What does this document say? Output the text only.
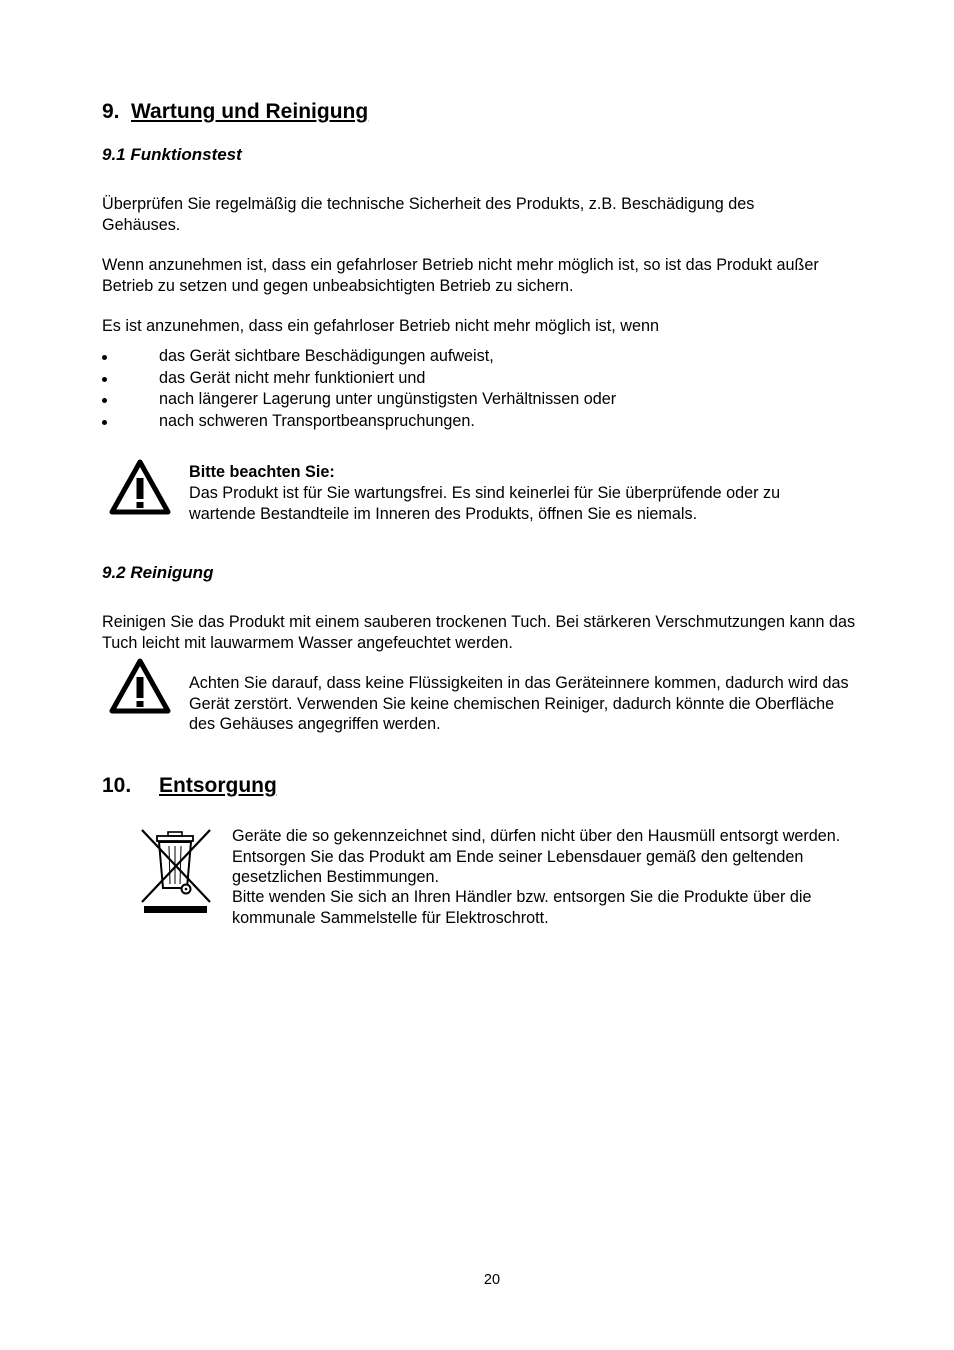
9. Wartung und Reinigung
9.1 Funktionstest
Überprüfen Sie regelmäßig die technische Sicherheit des Produkts, z.B. Beschädigung des Gehäuses.
Wenn anzunehmen ist, dass ein gefahrloser Betrieb nicht mehr möglich ist, so ist das Produkt außer Betrieb zu setzen und gegen unbeabsichtigten Betrieb zu sichern.
Es ist anzunehmen, dass ein gefahrloser Betrieb nicht mehr möglich ist, wenn
das Gerät sichtbare Beschädigungen aufweist,
das Gerät nicht mehr funktioniert und
nach längerer Lagerung unter ungünstigsten Verhältnissen oder
nach schweren Transportbeanspruchungen.
Bitte beachten Sie:
Das Produkt ist für Sie wartungsfrei. Es sind keinerlei für Sie überprüfende oder zu wartende Bestandteile im Inneren des Produkts, öffnen Sie es niemals.
9.2 Reinigung
Reinigen Sie das Produkt mit einem sauberen trockenen Tuch. Bei stärkeren Verschmutzungen kann das Tuch leicht mit lauwarmem Wasser angefeuchtet werden.
Achten Sie darauf, dass keine Flüssigkeiten in das Geräteinnere kommen, dadurch wird das Gerät zerstört. Verwenden Sie keine chemischen Reiniger, dadurch könnte die Oberfläche des Gehäuses angegriffen werden.
10. Entsorgung
Geräte die so gekennzeichnet sind, dürfen nicht über den Hausmüll entsorgt werden. Entsorgen Sie das Produkt am Ende seiner Lebensdauer gemäß den geltenden gesetzlichen Bestimmungen.
Bitte wenden Sie sich an Ihren Händler bzw. entsorgen Sie die Produkte über die kommunale Sammelstelle für Elektroschrott.
20
